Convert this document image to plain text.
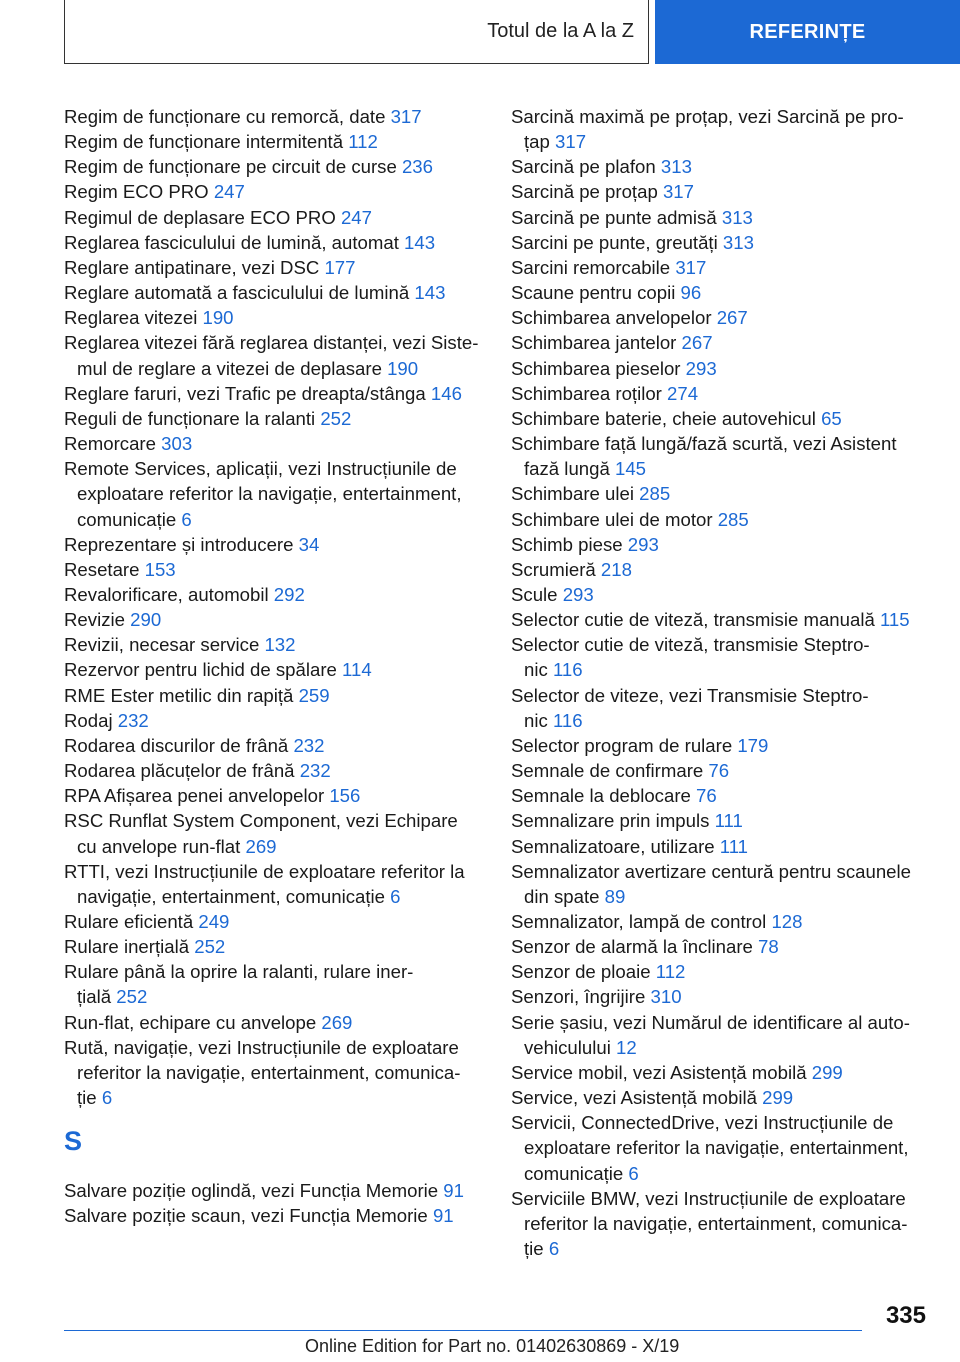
Totul de la A la Z	REFERINȚE
Regim de funcționare cu remorcă, date 317
Regim de funcționare intermitentă 112
Regim de funcționare pe circuit de curse 236
Regim ECO PRO 247
Regimul de deplasare ECO PRO 247
Reglarea fasciculului de lumină, automat 143
Reglare antipatinare, vezi DSC 177
Reglare automată a fasciculului de lumină 143
Reglarea vitezei 190
Reglarea vitezei fără reglarea distanței, vezi Siste-
mul de reglare a vitezei de deplasare 190
Reglare faruri, vezi Trafic pe dreapta/stânga 146
Reguli de funcționare la ralanti 252
Remorcare 303
Remote Services, aplicații, vezi Instrucțiunile de
exploatare referitor la navigație, entertainment,
comunicație 6
Reprezentare și introducere 34
Resetare 153
Revalorificare, automobil 292
Revizie 290
Revizii, necesar service 132
Rezervor pentru lichid de spălare 114
RME Ester metilic din rapiță 259
Rodaj 232
Rodarea discurilor de frână 232
Rodarea plăcuțelor de frână 232
RPA Afișarea penei anvelopelor 156
RSC Runflat System Component, vezi Echipare
cu anvelope run-flat 269
RTTI, vezi Instrucțiunile de exploatare referitor la
navigație, entertainment, comunicație 6
Rulare eficientă 249
Rulare inerțială 252
Rulare până la oprire la ralanti, rulare iner-
țială 252
Run-flat, echipare cu anvelope 269
Rută, navigație, vezi Instrucțiunile de exploatare
referitor la navigație, entertainment, comunica-
ție 6
S
Salvare poziție oglindă, vezi Funcția Memorie 91
Salvare poziție scaun, vezi Funcția Memorie 91
Sarcină maximă pe proțap, vezi Sarcină pe pro-
țap 317
Sarcină pe plafon 313
Sarcină pe proțap 317
Sarcină pe punte admisă 313
Sarcini pe punte, greutăți 313
Sarcini remorcabile 317
Scaune pentru copii 96
Schimbarea anvelopelor 267
Schimbarea jantelor 267
Schimbarea pieselor 293
Schimbarea roților 274
Schimbare baterie, cheie autovehicul 65
Schimbare față lungă/fază scurtă, vezi Asistent
fază lungă 145
Schimbare ulei 285
Schimbare ulei de motor 285
Schimb piese 293
Scrumieră 218
Scule 293
Selector cutie de viteză, transmisie manuală 115
Selector cutie de viteză, transmisie Steptro-
nic 116
Selector de viteze, vezi Transmisie Steptro-
nic 116
Selector program de rulare 179
Semnale de confirmare 76
Semnale la deblocare 76
Semnalizare prin impuls 111
Semnalizatoare, utilizare 111
Semnalizator avertizare centură pentru scaunele
din spate 89
Semnalizator, lampă de control 128
Senzor de alarmă la înclinare 78
Senzor de ploaie 112
Senzori, îngrijire 310
Serie șasiu, vezi Numărul de identificare al auto-
vehiculului 12
Service mobil, vezi Asistență mobilă 299
Service, vezi Asistență mobilă 299
Servicii, ConnectedDrive, vezi Instrucțiunile de
exploatare referitor la navigație, entertainment,
comunicație 6
Serviciile BMW, vezi Instrucțiunile de exploatare
referitor la navigație, entertainment, comunica-
ție 6
335
Online Edition for Part no. 01402630869 - X/19
